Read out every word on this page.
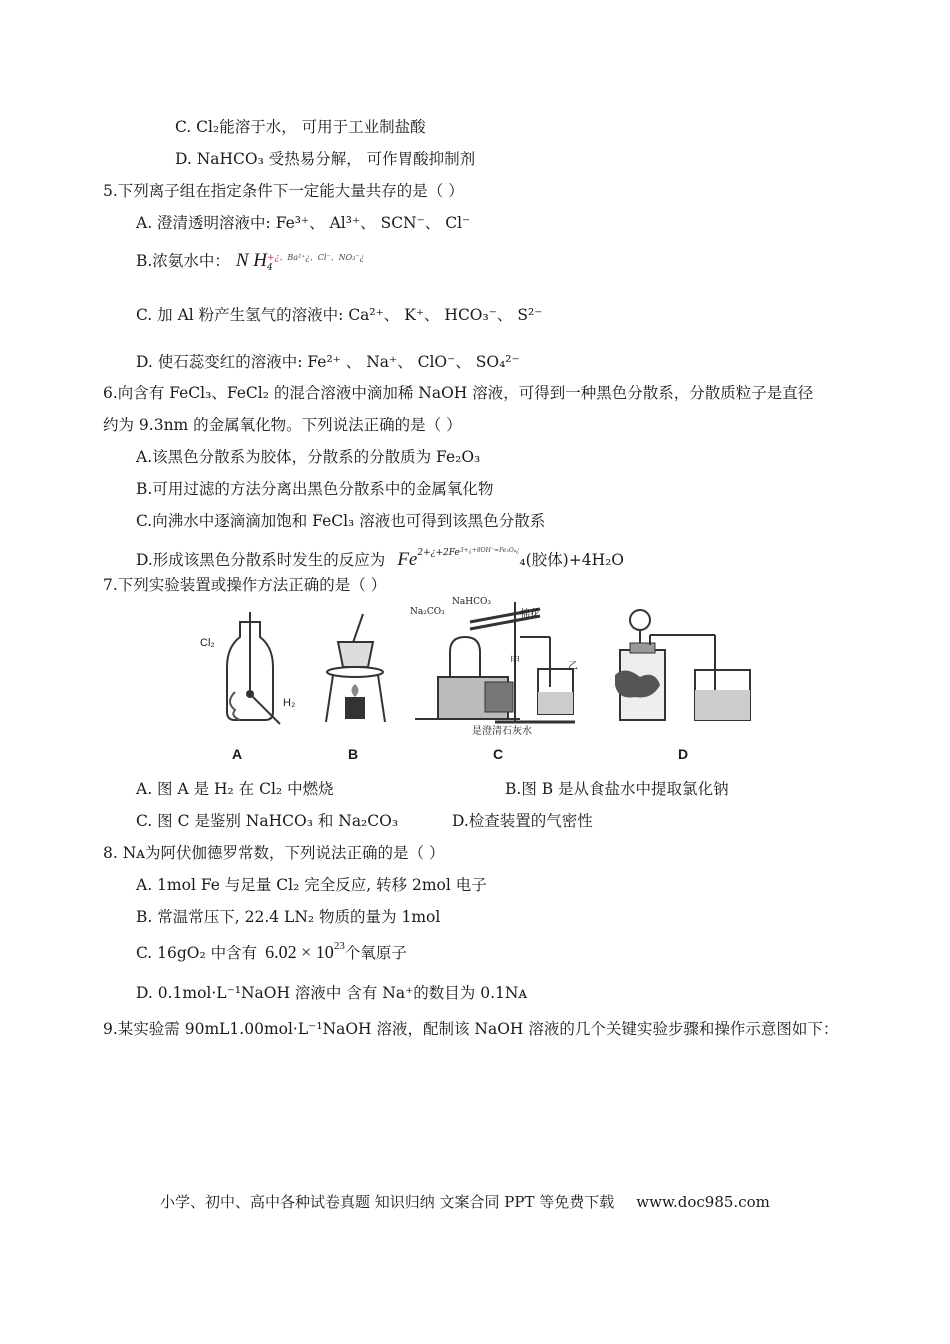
C. Cl₂能溶于水， 可用于工业制盐酸
D. NaHCO₃ 受热易分解， 可作胃酸抑制剂
5.下列离子组在指定条件下一定能大量共存的是（ ）
A. 澄清透明溶液中: Fe³⁺、 Al³⁺、 SCN⁻、 Cl⁻
B.浓氨水中： N H +¿
4
$^{、Ba^{2+}¿、Cl^-、NO_3^-¿}$
C. 加 Al 粉产生氢气的溶液中: Ca²⁺、 K⁺、 HCO₃⁻、 S²⁻
D. 使石蕊变红的溶液中: Fe²⁺ 、 Na⁺、 ClO⁻、 SO₄²⁻
6.向含有 FeCl₃、FeCl₂ 的混合溶液中滴加稀 NaOH 溶液，可得到一种黑色分散系，分散质粒子是直径
约为 9.3nm 的金属氧化物。下列说法正确的是（ ）
A.该黑色分散系为胶体，分散系的分散质为 Fe₂O₃
B.可用过滤的方法分离出黑色分散系中的金属氧化物
C.向沸水中逐滴滴加饱和 FeCl₃ 溶液也可得到该黑色分散系
D.形成该黑色分散系时发生的反应为 $Fe^{2+¿+2Fe3+¿+8OH^-=Fe_3O_4¿}_4$(胶体)+4H₂O
7.下列实验装置或操作方法正确的是（ ）
Cl₂
H₂
Na₂CO₃
NaHCO₃
棉花
甲	乙
是澄清石灰水
A	B	C	D
A. 图 A 是 H₂ 在 Cl₂ 中燃烧	B.图 B 是从食盐水中提取氯化钠
C. 图 C 是鉴别 NaHCO₃ 和 Na₂CO₃	D.检查装置的气密性
8. Nᴀ为阿伏伽德罗常数，下列说法正确的是（ ）
A. 1mol Fe 与足量 Cl₂ 完全反应, 转移 2mol 电子
B. 常温常压下, 22.4 LN₂ 物质的量为 1mol
C. 16gO₂ 中含有 $6.02 \times 10^{23}$个氧原子
D. 0.1mol·L⁻¹NaOH 溶液中 含有 Na⁺的数目为 0.1Nᴀ
9.某实验需 90mL1.00mol·L⁻¹NaOH 溶液，配制该 NaOH 溶液的几个关键实验步骤和操作示意图如下：
小学、初中、高中各种试卷真题 知识归纳 文案合同 PPT 等免费下载 www.doc985.com
